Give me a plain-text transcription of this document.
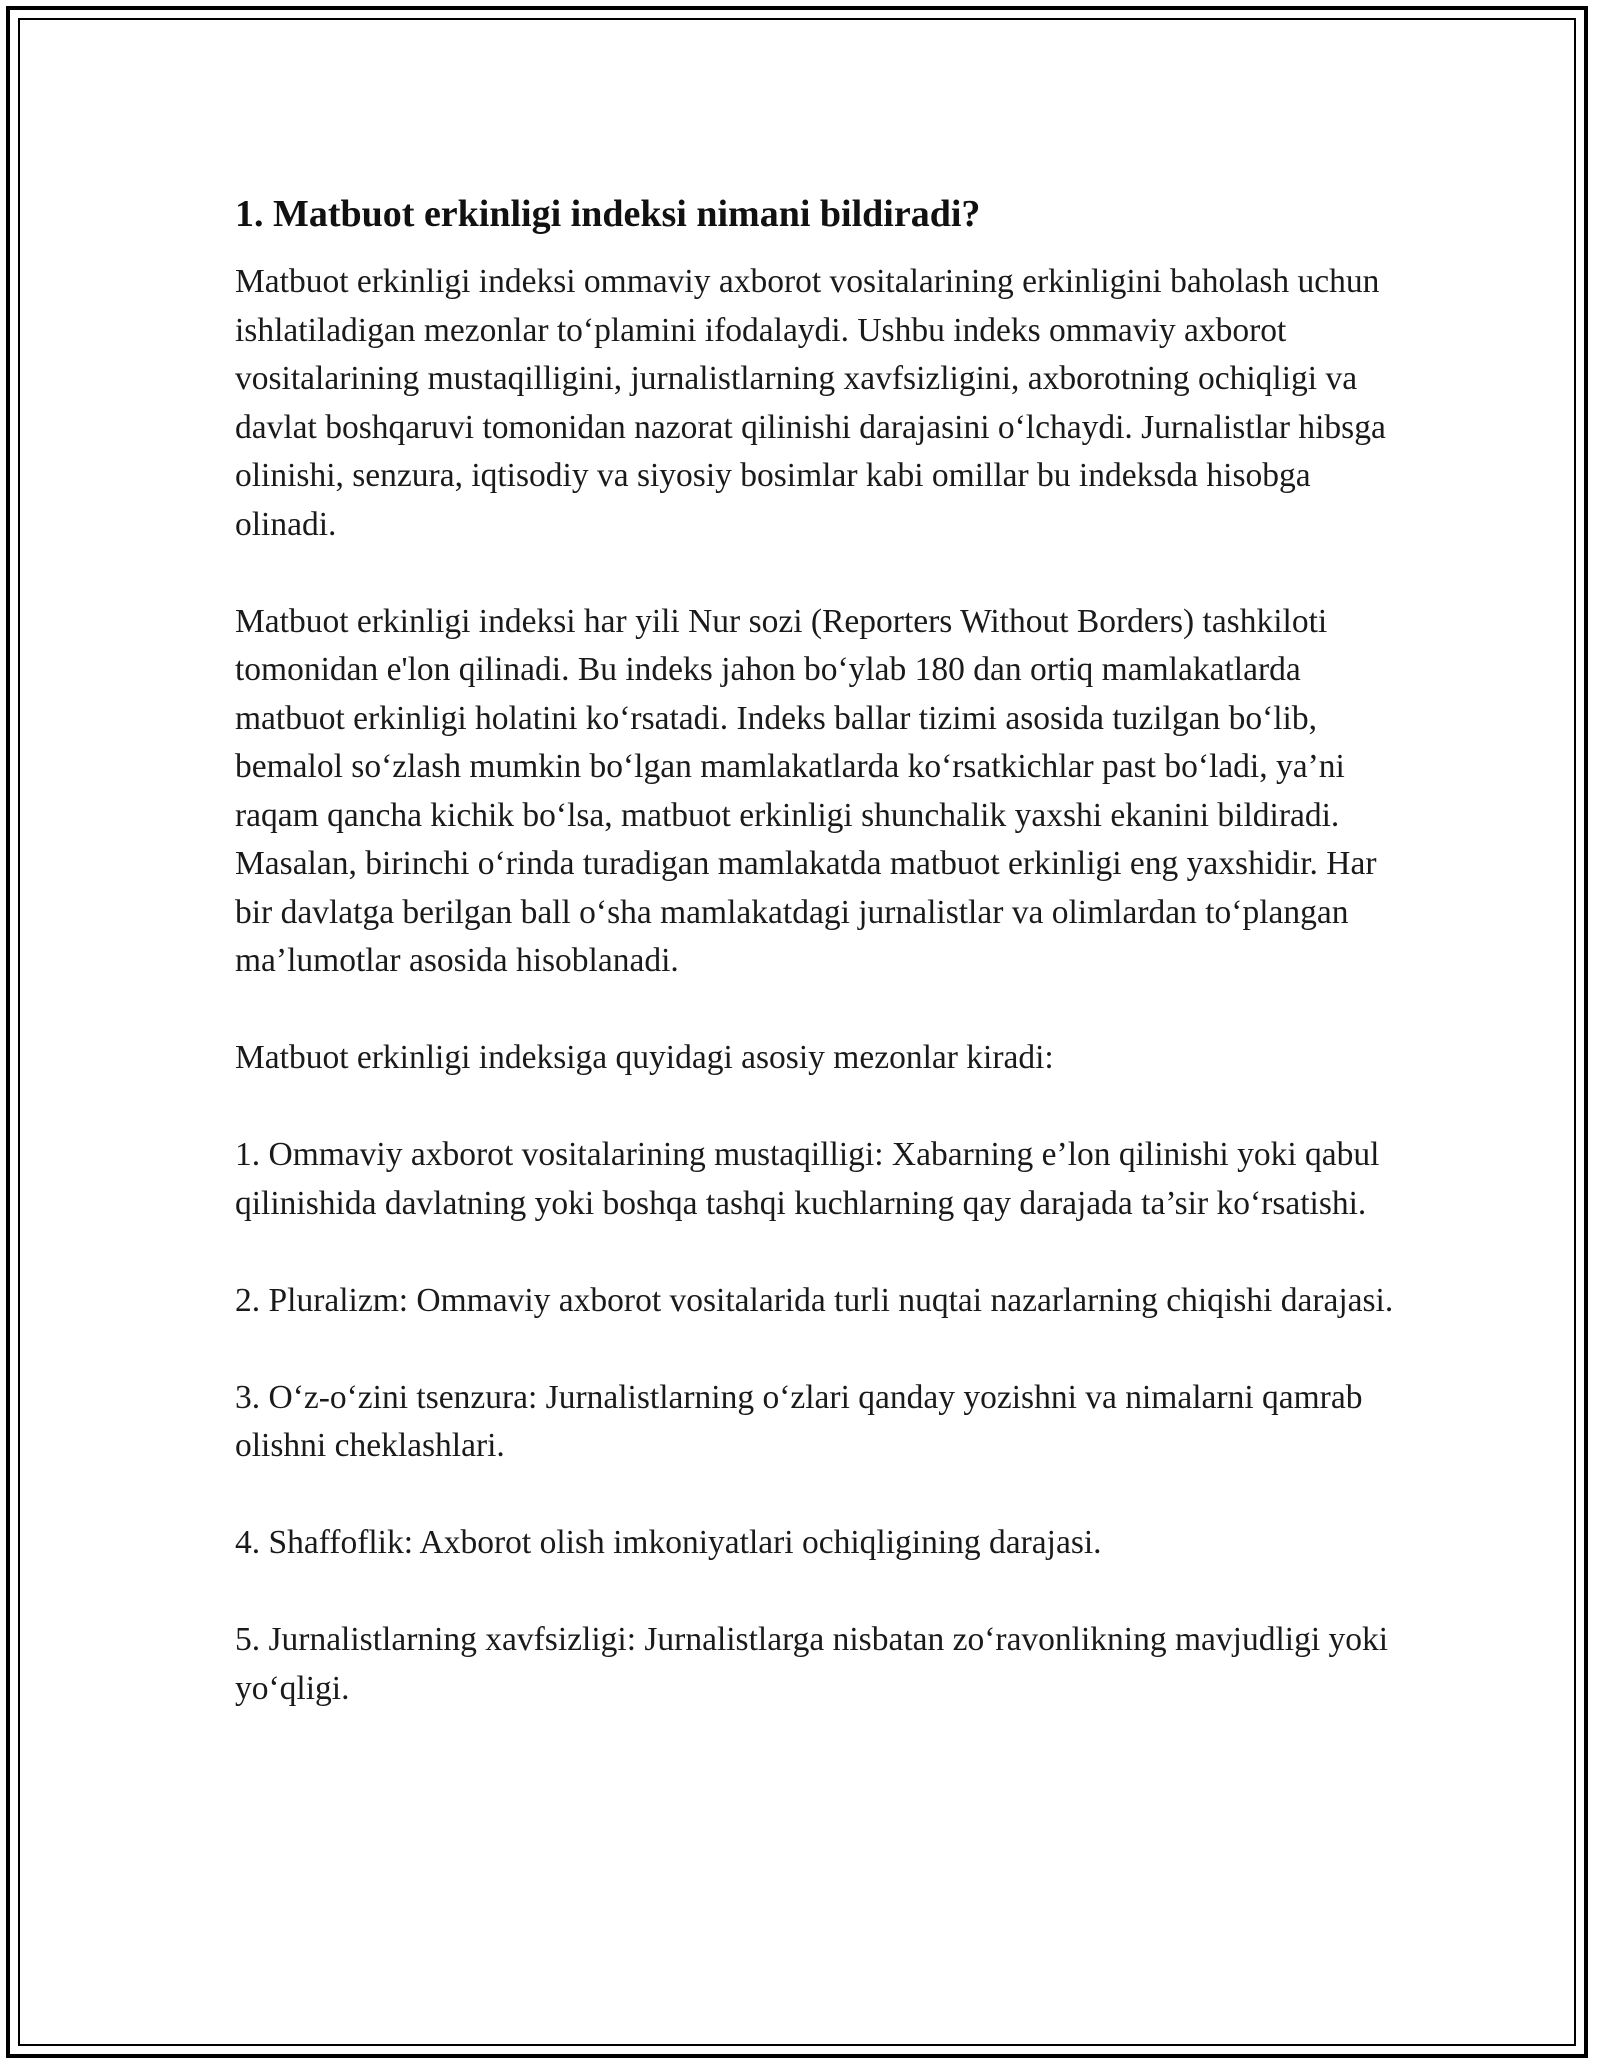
1. Matbuot erkinligi indeksi nimani bildiradi?

Matbuot erkinligi indeksi ommaviy axborot vositalarining erkinligini baholash uchun ishlatiladigan mezonlar to‘plamini ifodalaydi. Ushbu indeks ommaviy axborot vositalarining mustaqilligini, jurnalistlarning xavfsizligini, axborotning ochiqligi va davlat boshqaruvi tomonidan nazorat qilinishi darajasini o‘lchaydi. Jurnalistlar hibsga olinishi, senzura, iqtisodiy va siyosiy bosimlar kabi omillar bu indeksda hisobga olinadi.

Matbuot erkinligi indeksi har yili Nur sozi (Reporters Without Borders) tashkiloti tomonidan e'lon qilinadi. Bu indeks jahon bo‘ylab 180 dan ortiq mamlakatlarda matbuot erkinligi holatini ko‘rsatadi. Indeks ballar tizimi asosida tuzilgan bo‘lib, bemalol so‘zlash mumkin bo‘lgan mamlakatlarda ko‘rsatkichlar past bo‘ladi, ya’ni raqam qancha kichik bo‘lsa, matbuot erkinligi shunchalik yaxshi ekanini bildiradi. Masalan, birinchi o‘rinda turadigan mamlakatda matbuot erkinligi eng yaxshidir. Har bir davlatga berilgan ball o‘sha mamlakatdagi jurnalistlar va olimlardan to‘plangan ma’lumotlar asosida hisoblanadi.

Matbuot erkinligi indeksiga quyidagi asosiy mezonlar kiradi:

1. Ommaviy axborot vositalarining mustaqilligi: Xabarning e’lon qilinishi yoki qabul qilinishida davlatning yoki boshqa tashqi kuchlarning qay darajada ta’sir ko‘rsatishi.

2. Pluralizm: Ommaviy axborot vositalarida turli nuqtai nazarlarning chiqishi darajasi.

3. O‘z-o‘zini tsenzura: Jurnalistlarning o‘zlari qanday yozishni va nimalarni qamrab olishni cheklashlari.

4. Shaffoflik: Axborot olish imkoniyatlari ochiqligining darajasi.

5. Jurnalistlarning xavfsizligi: Jurnalistlarga nisbatan zo‘ravonlikning mavjudligi yoki yo‘qligi.
